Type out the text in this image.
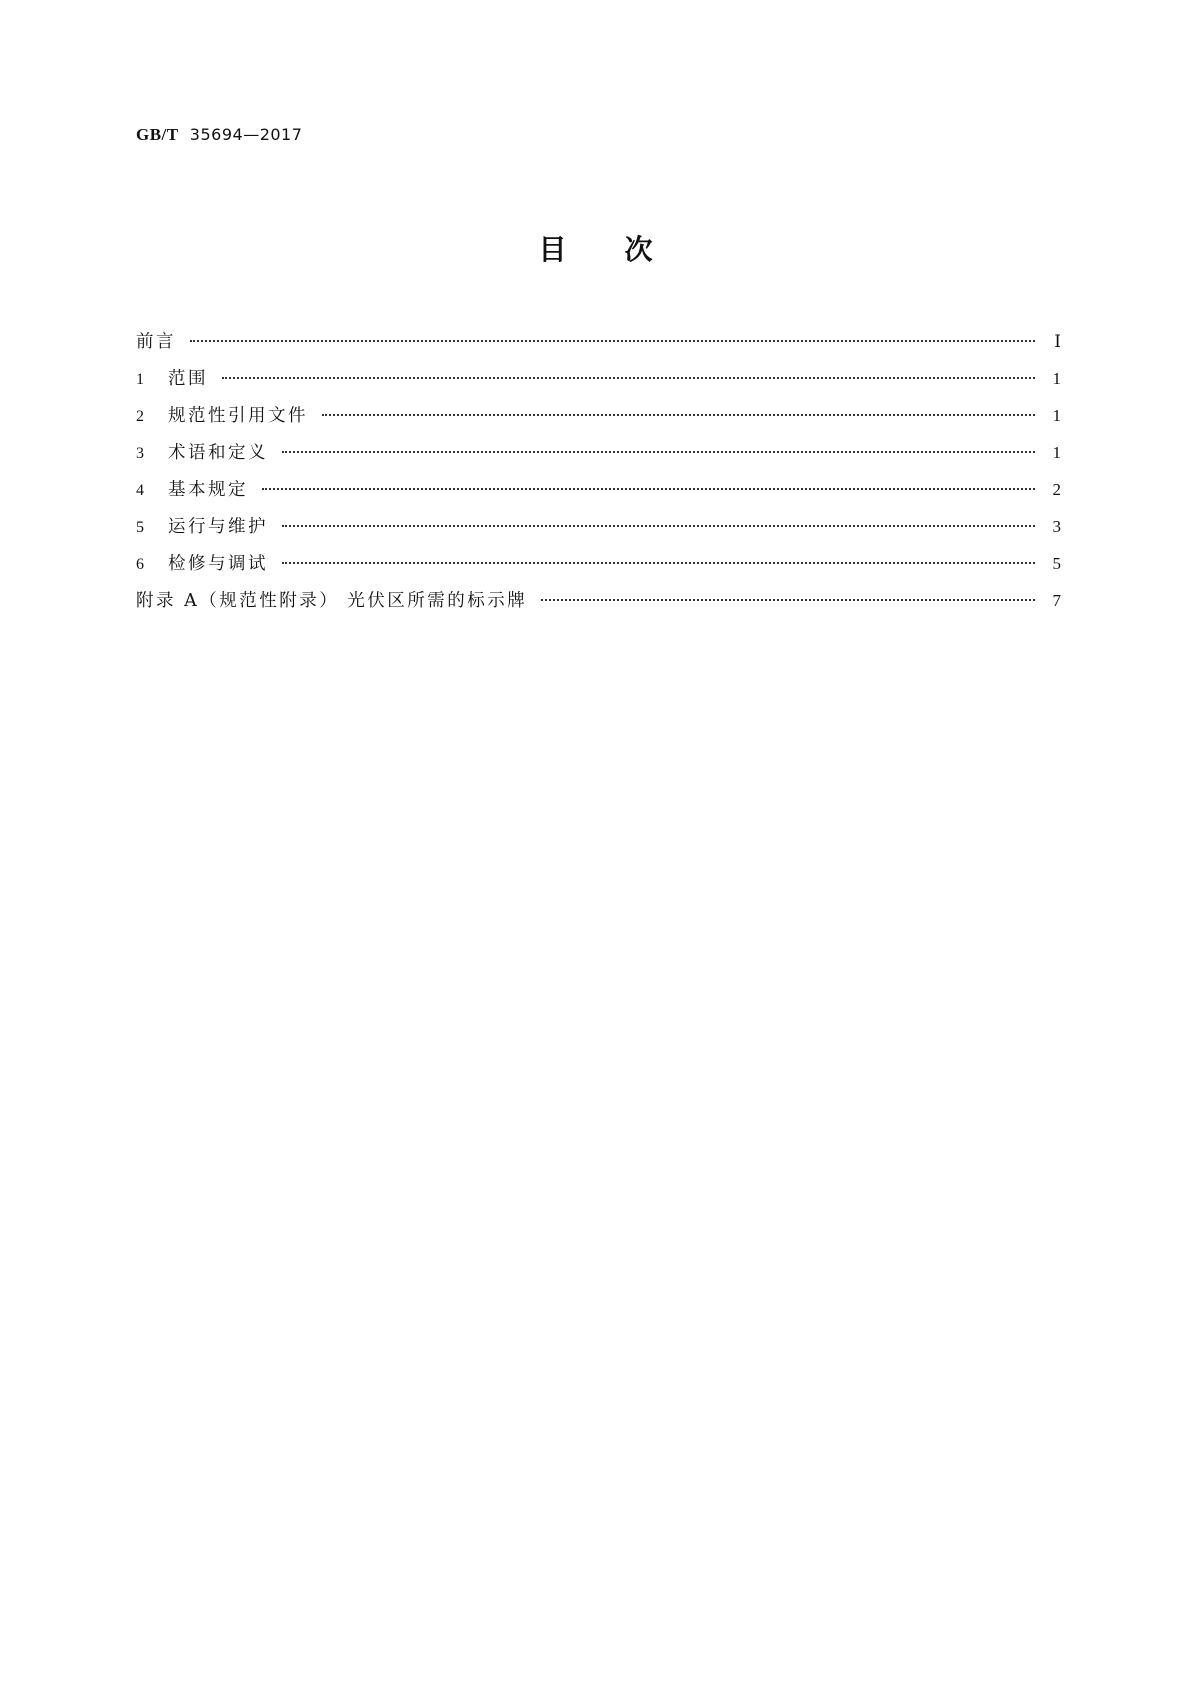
GB/T 35694—2017
目次
前言	Ⅰ
1 范围	1
2 规范性引用文件	1
3 术语和定义	1
4 基本规定	2
5 运行与维护	3
6 检修与调试	5
附录 A（规范性附录） 光伏区所需的标示牌	7
